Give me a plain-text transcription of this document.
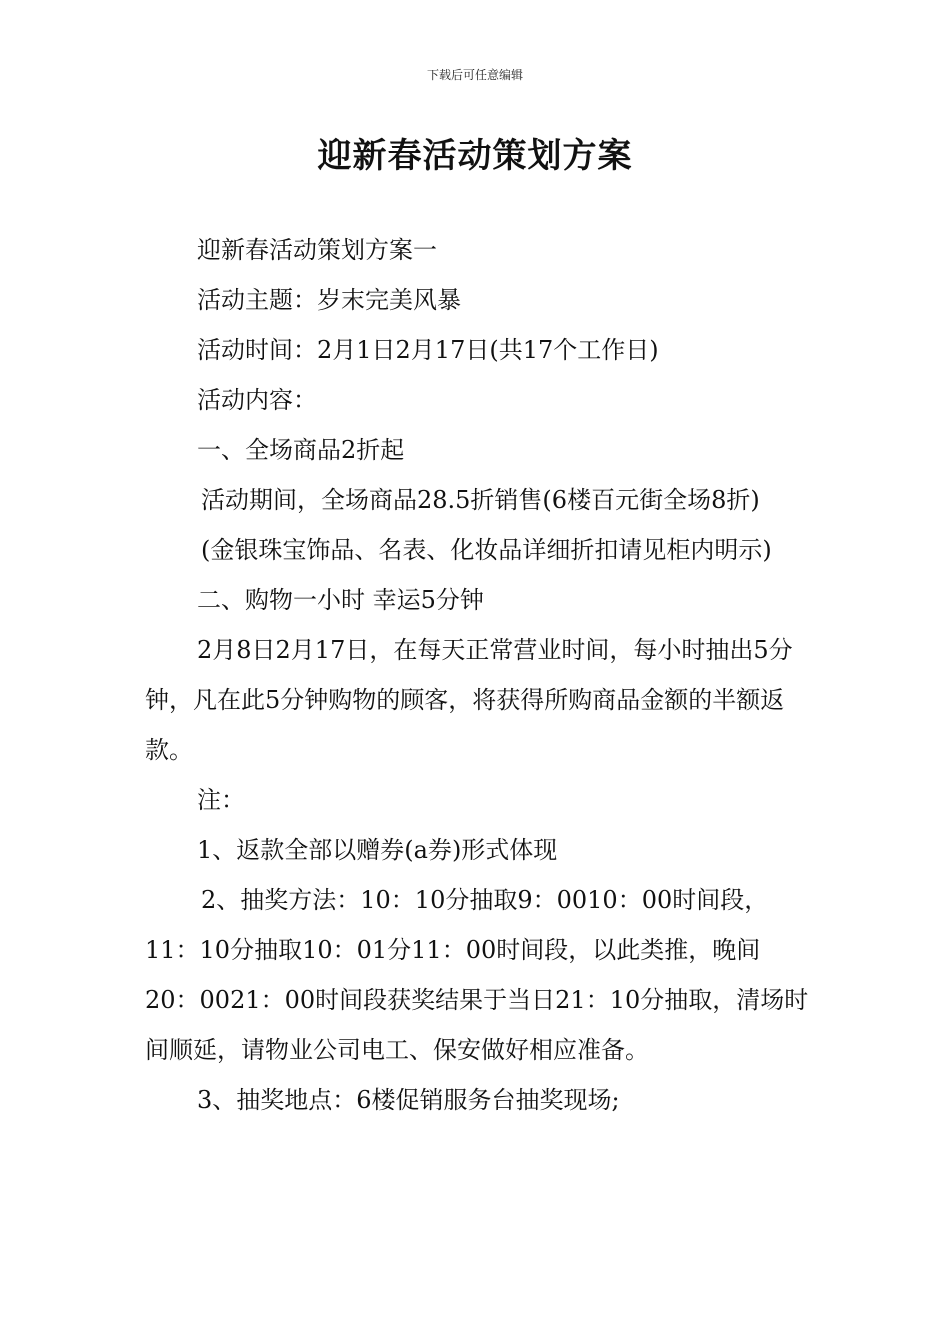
下载后可任意编辑
迎新春活动策划方案

迎新春活动策划方案一

活动主题：岁末完美风暴

活动时间：2月1日2月17日(共17个工作日)

活动内容：

一、全场商品2折起

活动期间，全场商品28.5折销售(6楼百元街全场8折)

(金银珠宝饰品、名表、化妆品详细折扣请见柜内明示)

二、购物一小时 幸运5分钟

2月8日2月17日，在每天正常营业时间，每小时抽出5分钟，凡在此5分钟购物的顾客，将获得所购商品金额的半额返款。

注：

1、返款全部以赠券(a券)形式体现

2、抽奖方法：10：10分抽取9：0010：00时间段，11：10分抽取10：01分11：00时间段，以此类推，晚间20：0021：00时间段获奖结果于当日21：10分抽取，清场时间顺延，请物业公司电工、保安做好相应准备。

3、抽奖地点：6楼促销服务台抽奖现场;
